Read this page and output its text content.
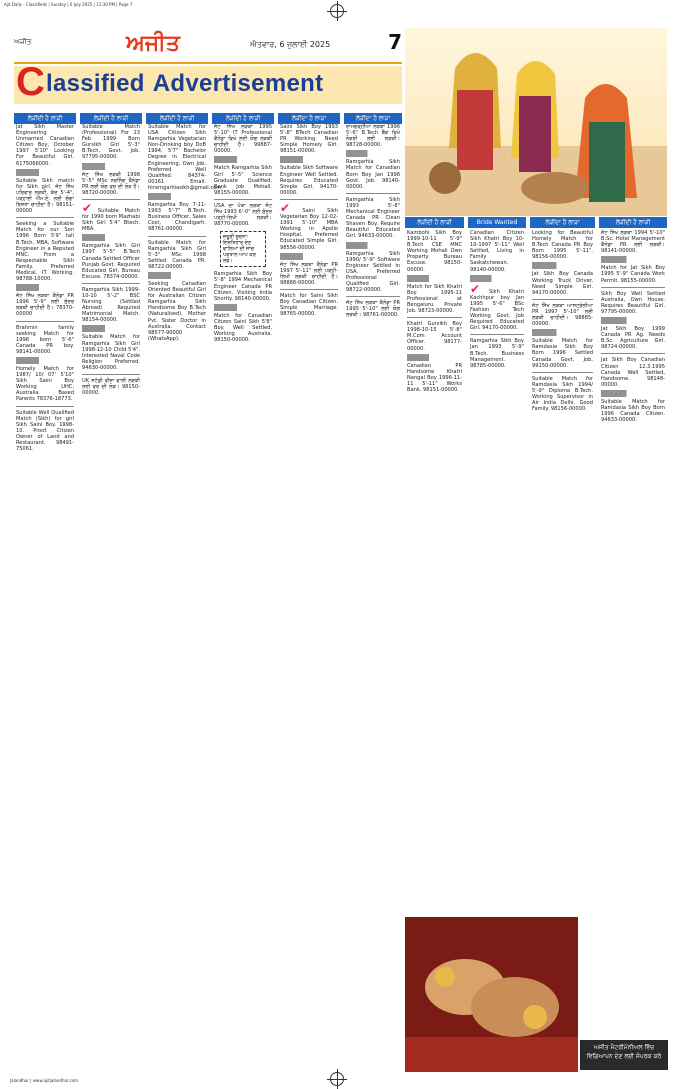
Ajit Daily - Classifieds | Sunday | 6 July 2025 | 11:30 PM | Page 7
ਅਜੀਤ	ਅਜੀਤ	ਐਤਵਾਰ, 6 ਜੁਲਾਈ 2025	7
C lassified Advertisement
ਲੋੜੀਂਦੀ ਹੈ ਲਾੜੀ	Bride Wanted	ਲੋੜੀਂਦਾ ਹੈ ਲਾੜਾ	ਲੋੜੀਂਦੀ ਹੈ ਲਾੜੀ
ਲੋੜੀਂਦੀ ਹੈ ਲਾੜੀ
Jat Sikh Master Engineering Unmarried Canadian Citizen Boy, October 1997 5'10" Looking For Beautiful Girl. 6175066000.
Suitable Sikh match for Sikh girl. ਜੱਟ ਸਿੱਖ ਪਰਿਵਾਰ ਲੜਕੀ, ਕੱਦ 5'-4", ਪੜ੍ਹਾਈ ਐੱਮ.ਏ. ਲਈ ਚੰਗਾ ਰਿਸ਼ਤਾ ਚਾਹੀਦਾ ਹੈ। 98151-00000
Seeking a Suitable Match for our Son 1996 Born 5'9" tall B.Tech, MBA, Software Engineer in a Reputed MNC. From a Respectable Sikh Family. Preferred Medical, IT Working. 98788-10000.
ਜੱਟ ਸਿੱਖ ਲੜਕਾ ਕੈਨੇਡਾ PR 1996 5'-9" ਲਈ ਸੁੰਦਰ ਲੜਕੀ ਚਾਹੀਦੀ ਹੈ। 78370-00000
Brahmin family seeking Match for 1998 born 5'-6" Canada PR boy. 98141-00000.
Homely Match for 1987/ 10/ 07' 5'10" Sikh Saini Boy Working UHC, Australia. Based Parents 78376-18773.
Suitable Well Qualified Match (Sikh) for girl Sikh Saini Boy. 1998-10. Proof. Citizen Owner of Land and Restaurant. 98491-75061.
ਲੋੜੀਂਦੀ ਹੈ ਲਾੜੀ
Suitable Match (Professional) For 23 Feb 1999 Born Gursikh Girl 5'-3" B.Tech, Govt. Job. 97795-00000.
ਜੱਟ ਸਿੱਖ ਲੜਕੀ 1998 5'-5" MSc ਨਰਸਿੰਗ ਕੈਨੇਡਾ PR ਲਈ ਯੋਗ ਵਰ ਦੀ ਲੋੜ ਹੈ। 98720-00000.
✔ Suitable Match for 1990 born Mazhabi Sikh Girl 5'4" Btech. MBA.
Ramgarhia Sikh Girl 1997 5'-5" B.Tech Canada Settled Officer Punjab Govt. Required Educated Girl, Bureau Excuse. 78374-00000.
Ramgarhia Sikh 1999-10-10 5'-2" BSC Nursing (Settled Abroad) Required Matrimonial Match. 98154-00000.
Suitable Match for Ramgarhia Sikh Girl 1998-12-10 Child 5'4". Interested Naval Code Religion Preferred. 94630-00000.
UK ਸਟੱਡੀ ਵੀਜ਼ਾ ਵਾਲੀ ਲੜਕੀ ਲਈ ਵਰ ਦੀ ਲੋੜ। 98150-00000.
ਲੋੜੀਂਦੀ ਹੈ ਲਾੜੀ
Suitable Match for USA Citizen Sikh Ramgarhia Vegetarian Non-Drinking boy DoB 1994, 5'7" Bachelor Degree in Electrical Engineering, Own Job. Preferred Well Qualified. 84374-00161 Email: hirarngarhiasikh@gmail.com.
Ramgarhia Boy 7-11-1993 5'-7" B.Tech. Business Officer, Sales Cost, Chandigarh. 98761-00000.
Suitable Match for Ramgarhia Sikh Girl 5'-3" MSc 1998 Settled Canada PR. 98722-00000.
Seeking Canadian Oriented Beautiful Girl for Australian Citizen Ramgarhia Sikh Handsome Boy B.Tech (Naturalised). Mother Pvt. Sister Doctor in Australia. Contact 98577-90000 (WhatsApp).
ਲੋੜੀਂਦੀ ਹੈ ਲਾੜੀ
ਜੱਟ ਸਿੱਖ ਲੜਕਾ 1995 5'-10" IT Professional ਕੈਨੇਡਾ ਵਿਖੇ ਲਈ ਯੋਗ ਲੜਕੀ ਚਾਹੀਦੀ ਹੈ। 99887-00000.
Match Ramgarhia Sikh Girl 5'-5" Science Graduate Qualified, Bank Job Mohali. 98155-00000.
USA ਦਾ ਪੱਕਾ ਲੜਕਾ ਜੱਟ ਸਿੱਖ 1993 6'-0" ਲਈ ਸੁੰਦਰ ਪੜ੍ਹੀ-ਲਿਖੀ ਲੜਕੀ। 98770-00000.
ਜ਼ਰੂਰੀ ਸੂਚਨਾ: ਇਸ਼ਤਿਹਾਰ ਦੇਣ ਵਾਲਿਆਂ ਦੀ ਜਾਂਚ ਪੜਤਾਲ ਆਪ ਕਰ ਲਵੋ।
Ramgarhia Sikh Boy 5'-8" 1994 Mechanical Engineer Canada PR Citizen, Visiting India Shortly. 98140-00000.
Match for Canadian Citizen Saini Sikh 5'8" Boy. Well Settled, Working Australia. 98150-00000.
ਲੋੜੀਂਦਾ ਹੈ ਲਾੜਾ
Saini Sikh Boy 1993 5'-8" BTech Canadian PR Working. Need Simple Homely Girl. 98151-00000.
Suitable Sikh Software Engineer Well Settled. Requires Educated Simple Girl. 94170-00000.
✔ Saini Sikh Vegetarian Boy 12-02-1991 5'-10" MBA Working in Apollo Hospital. Preferred Educated Simple Girl. 98556-00000.
ਜੱਟ ਸਿੱਖ ਲੜਕਾ ਕੈਨੇਡਾ PR 1997 5'-11" ਲਈ ਪੜ੍ਹੀ-ਲਿਖੀ ਲੜਕੀ ਚਾਹੀਦੀ ਹੈ। 98886-00000.
Match for Saini Sikh Boy Canadian Citizen. Simple Marriage. 98765-00000.
ਲੋੜੀਂਦਾ ਹੈ ਲਾੜਾ
ਰਾਮਗੜ੍ਹੀਆ ਲੜਕਾ 1996 5'-6" B.Tech ਬੈਂਕ ਵਿਖੇ ਨੌਕਰੀ ਲਈ ਲੜਕੀ। 98728-00000.
Ramgarhia Sikh Match for Canadian Born Boy Jan 1998 Govt. Job. 98140-00000.
Ramgarhia Sikh 1993 5'-8" Mechanical Engineer Canada PR Clean Shaven Boy. Require Beautiful Educated Girl. 94633-00000.
Ramgarhia Sikh 1990/ 5'-9" Software Engineer Settled in USA. Preferred Professional Qualified Girl. 98722-00000.
ਜੱਟ ਸਿੱਖ ਲੜਕਾ ਕੈਨੇਡਾ PR 1995 5'-10" ਲਈ ਯੋਗ ਲੜਕੀ। 98761-00000.
Kambohi Sikh Boy 1999-10-11 5'-9" B.Tech CSE MNC Working Mohali Own Property. Bureau Excuse. 98150-00000.
Match for Sikh Khatri Boy 1995-11 Professional at Bengaluru. Private Job. 98723-00000.
Khatri Gursikh Boy 1998-10-15 5'-8" M.Com Account Officer. 98177-00000.
Canadian PR Handsome Khatri Nangal Boy 1996-11-11 5'-11" Works Bank. 98151-00000.
Canadian Citizen Sikh Khatri Boy 10-10-1997 5'-11" Well Settled, Living in Family Saskatchewan. 98140-00000.
✔ Sikh Khatri Kachhpur boy Jan 1995 5'-6" BSc Fashion Tech Working Govt. Job Required Educated Girl. 94170-00000.
Ramgarhia Sikh Boy Jan 1993 5'-9" B.Tech. Business Management. 98785-00000.
Looking for Beautiful Homely Match for B.Tech Canada PR Boy Born 1995 5'-11". 98156-00000.
Jat Sikh Boy Canada Working Truck Driver. Need Simple Girl. 94170-00000.
ਜੱਟ ਸਿੱਖ ਲੜਕਾ ਆਸਟ੍ਰੇਲੀਆ PR 1997 5'-10" ਲਈ ਲੜਕੀ ਚਾਹੀਦੀ। 98885-00000.
Suitable Match for Ramdasia Sikh Boy Born 1996 Settled Canada Govt. Job. 99150-00000.
Suitable Match for Ramdasia Sikh 1994/ 5'-9" Diploma B.Tech. Working Supervisor in Air India Delhi. Good Family. 98156-00000.
ਜੱਟ ਸਿੱਖ ਲੜਕਾ 1994 5'-10" B.Sc. Hotel Management ਕੈਨੇਡਾ PR ਲਈ ਲੜਕੀ। 98141-00000.
Match for Jat Sikh Boy 1995 5'-9" Canada Work Permit. 98155-00000.
Sikh Boy Well Settled Australia, Own House. Requires Beautiful Girl. 97795-00000.
Jat Sikh Boy 1999 Canada PR Ag. Needs B.Sc. Agriculture Girl. 98724-00000.
Jat Sikh Boy Canadian Citizen 12.3.1995 Canada Well Settled, Handsome. 98148-00000.
Suitable Match for Ramdasia Sikh Boy Born 1996 Canada Citizen. 94633-00000.
ਅਜੀਤ ਮੈਟਰੀਮੋਨੀਅਲ ਵਿੱਚ ਵਿਗਿਆਪਨ ਦੇਣ ਲਈ ਸੰਪਰਕ ਕਰੋ
Jalandhar | www.ajitjalandhar.com
